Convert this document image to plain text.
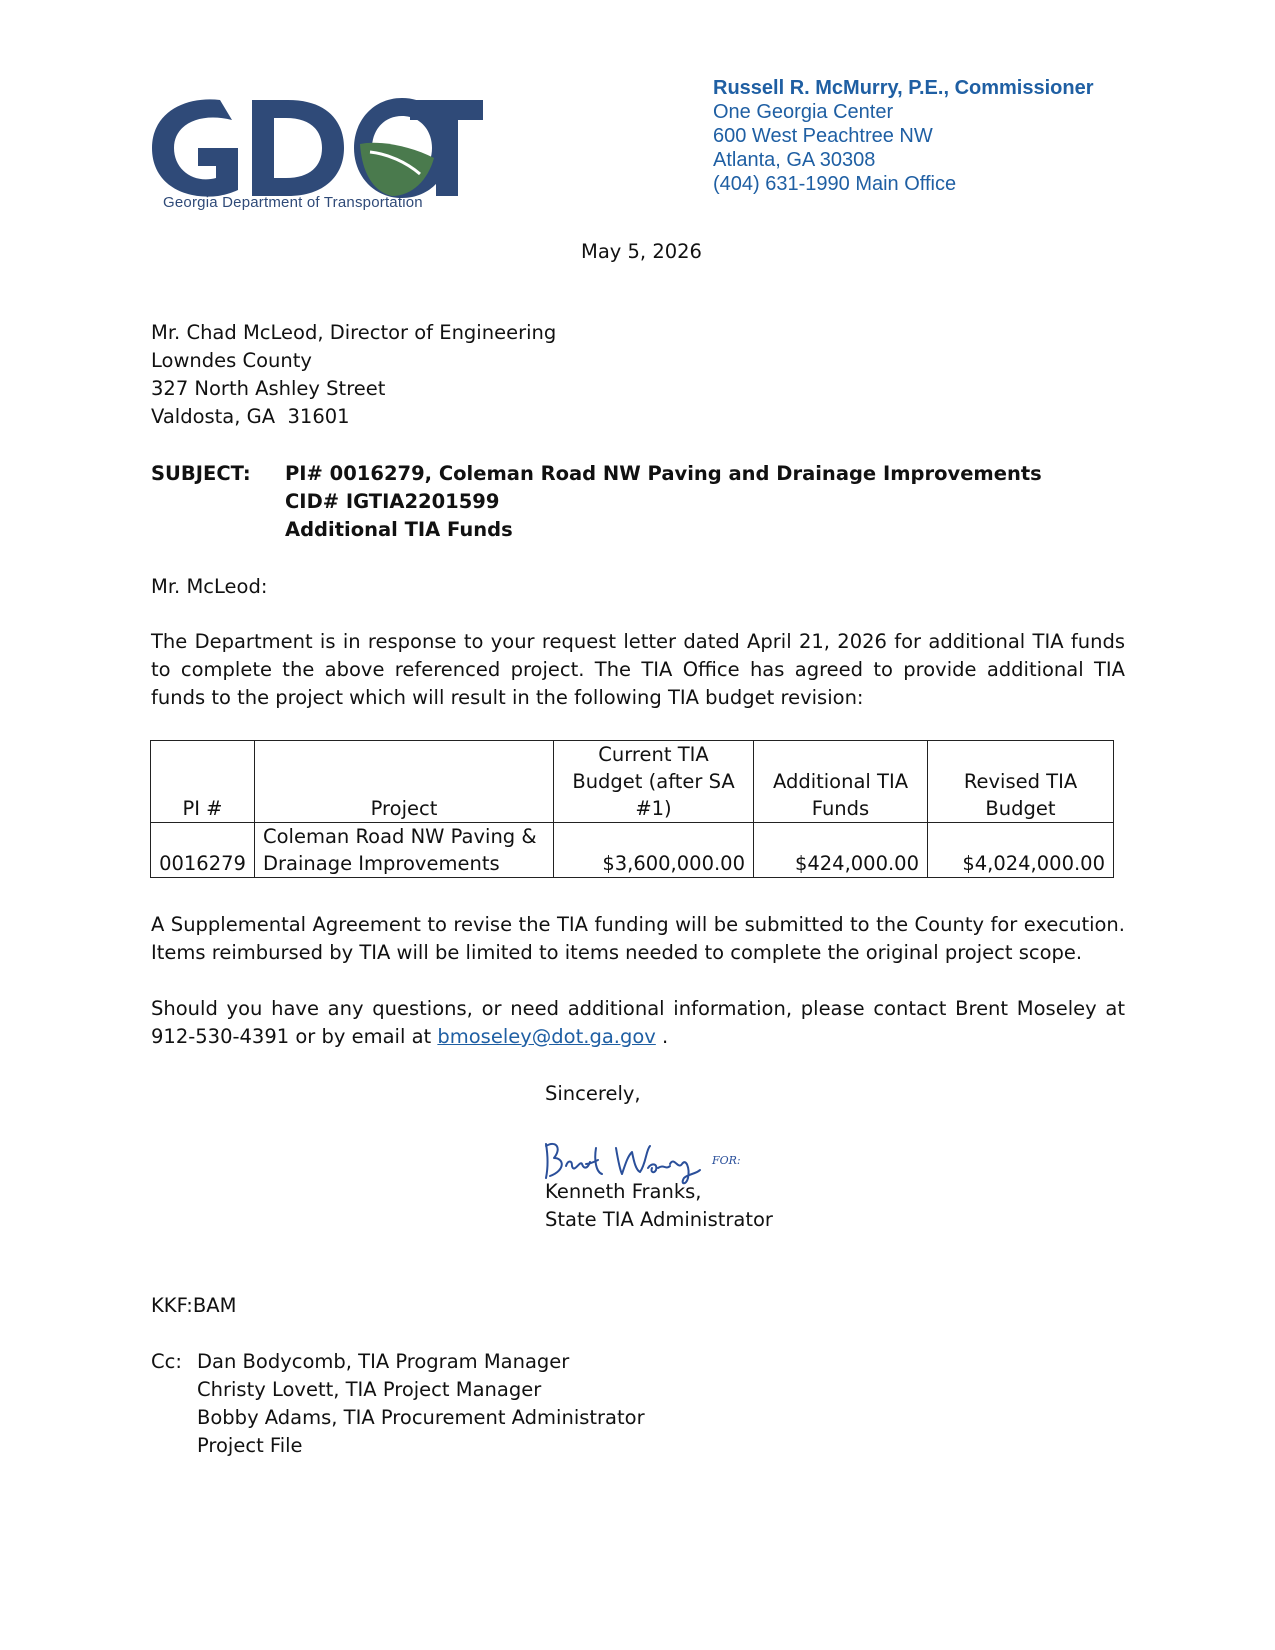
Georgia Department of Transportation
Russell R. McMurry, P.E., Commissioner
One Georgia Center
600 West Peachtree NW
Atlanta, GA 30308
(404) 631-1990 Main Office
May 5, 2026
Mr. Chad McLeod, Director of Engineering
Lowndes County
327 North Ashley Street
Valdosta, GA  31601
SUBJECT: PI# 0016279, Coleman Road NW Paving and Drainage Improvements
CID# IGTIA2201599
Additional TIA Funds
Mr. McLeod:
The Department is in response to your request letter dated April 21, 2026 for additional TIA funds to complete the above referenced project. The TIA Office has agreed to provide additional TIA funds to the project which will result in the following TIA budget revision:
PI #	Project	Current TIA Budget (after SA #1)	Additional TIA Funds	Revised TIA Budget
0016279	Coleman Road NW Paving & Drainage Improvements	$3,600,000.00	$424,000.00	$4,024,000.00
A Supplemental Agreement to revise the TIA funding will be submitted to the County for execution. Items reimbursed by TIA will be limited to items needed to complete the original project scope.
Should you have any questions, or need additional information, please contact Brent Moseley at 912-530-4391 or by email at bmoseley@dot.ga.gov .
Sincerely,
FOR:
Kenneth Franks,
State TIA Administrator
KKF:BAM
Cc: Dan Bodycomb, TIA Program Manager
Christy Lovett, TIA Project Manager
Bobby Adams, TIA Procurement Administrator
Project File
